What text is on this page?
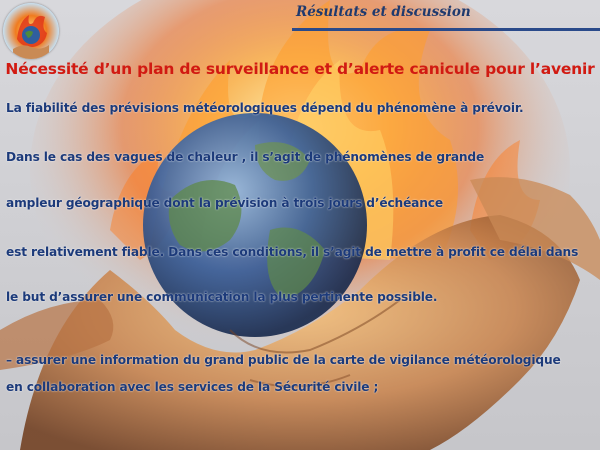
Résultats et discussion
Nécessité d’un plan de surveillance et d’alerte canicule pour l’avenir
La fiabilité des prévisions météorologiques dépend du phénomène à prévoir.
Dans le cas des vagues de chaleur , il s’agit de phénomènes de grande
ampleur géographique dont la prévision à trois jours d’échéance
est relativement fiable. Dans ces conditions, il s’agit de mettre à profit ce délai dans
le but d’assurer une communication la plus pertinente possible.
– assurer une information du grand public de la carte de vigilance météorologique
en collaboration avec les services de la Sécurité civile ;
